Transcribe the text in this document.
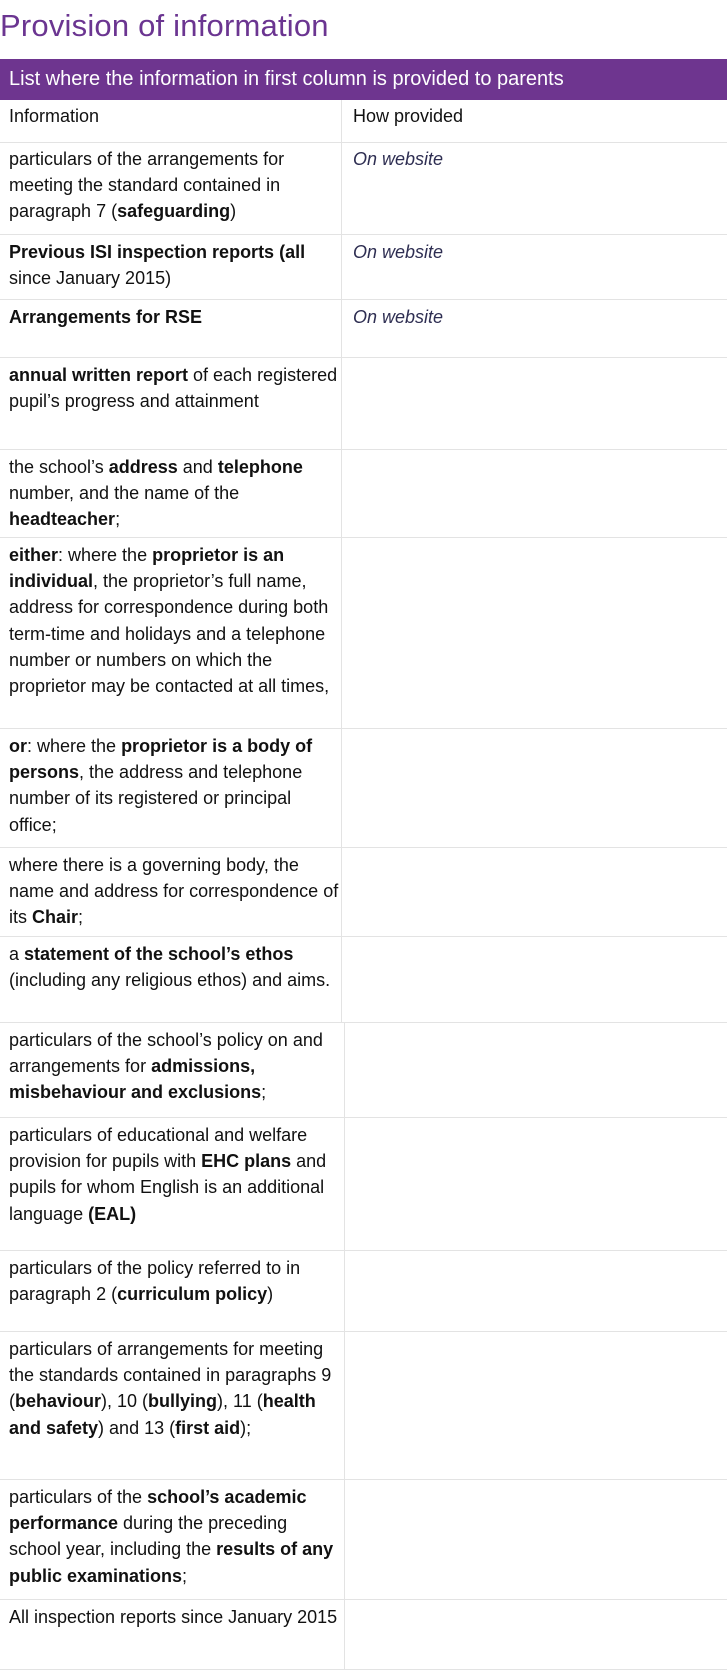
Provision of information
List where the information in first column is provided to parents
Information	How provided
particulars of the arrangements for meeting the standard contained in paragraph 7 (safeguarding)
On website
Previous ISI inspection reports (all since January 2015)
On website
Arrangements for RSE	On website
annual written report of each registered pupil’s progress and attainment
the school’s address and telephone number, and the name of the headteacher;
either: where the proprietor is an individual, the proprietor’s full name, address for correspondence during both term-time and holidays and a telephone number or numbers on which the proprietor may be contacted at all times,
or: where the proprietor is a body of persons, the address and telephone number of its registered or principal office;
where there is a governing body, the name and address for correspondence of its Chair;
a statement of the school’s ethos (including any religious ethos) and aims.
particulars of the school’s policy on and arrangements for admissions, misbehaviour and exclusions;
particulars of educational and welfare provision for pupils with EHC plans and pupils for whom English is an additional language (EAL)
particulars of the policy referred to in paragraph 2 (curriculum policy)
particulars of arrangements for meeting the standards contained in paragraphs 9 (behaviour), 10 (bullying), 11 (health and safety) and 13 (first aid);
particulars of the school’s academic performance during the preceding school year, including the results of any public examinations;
All inspection reports since January 2015
